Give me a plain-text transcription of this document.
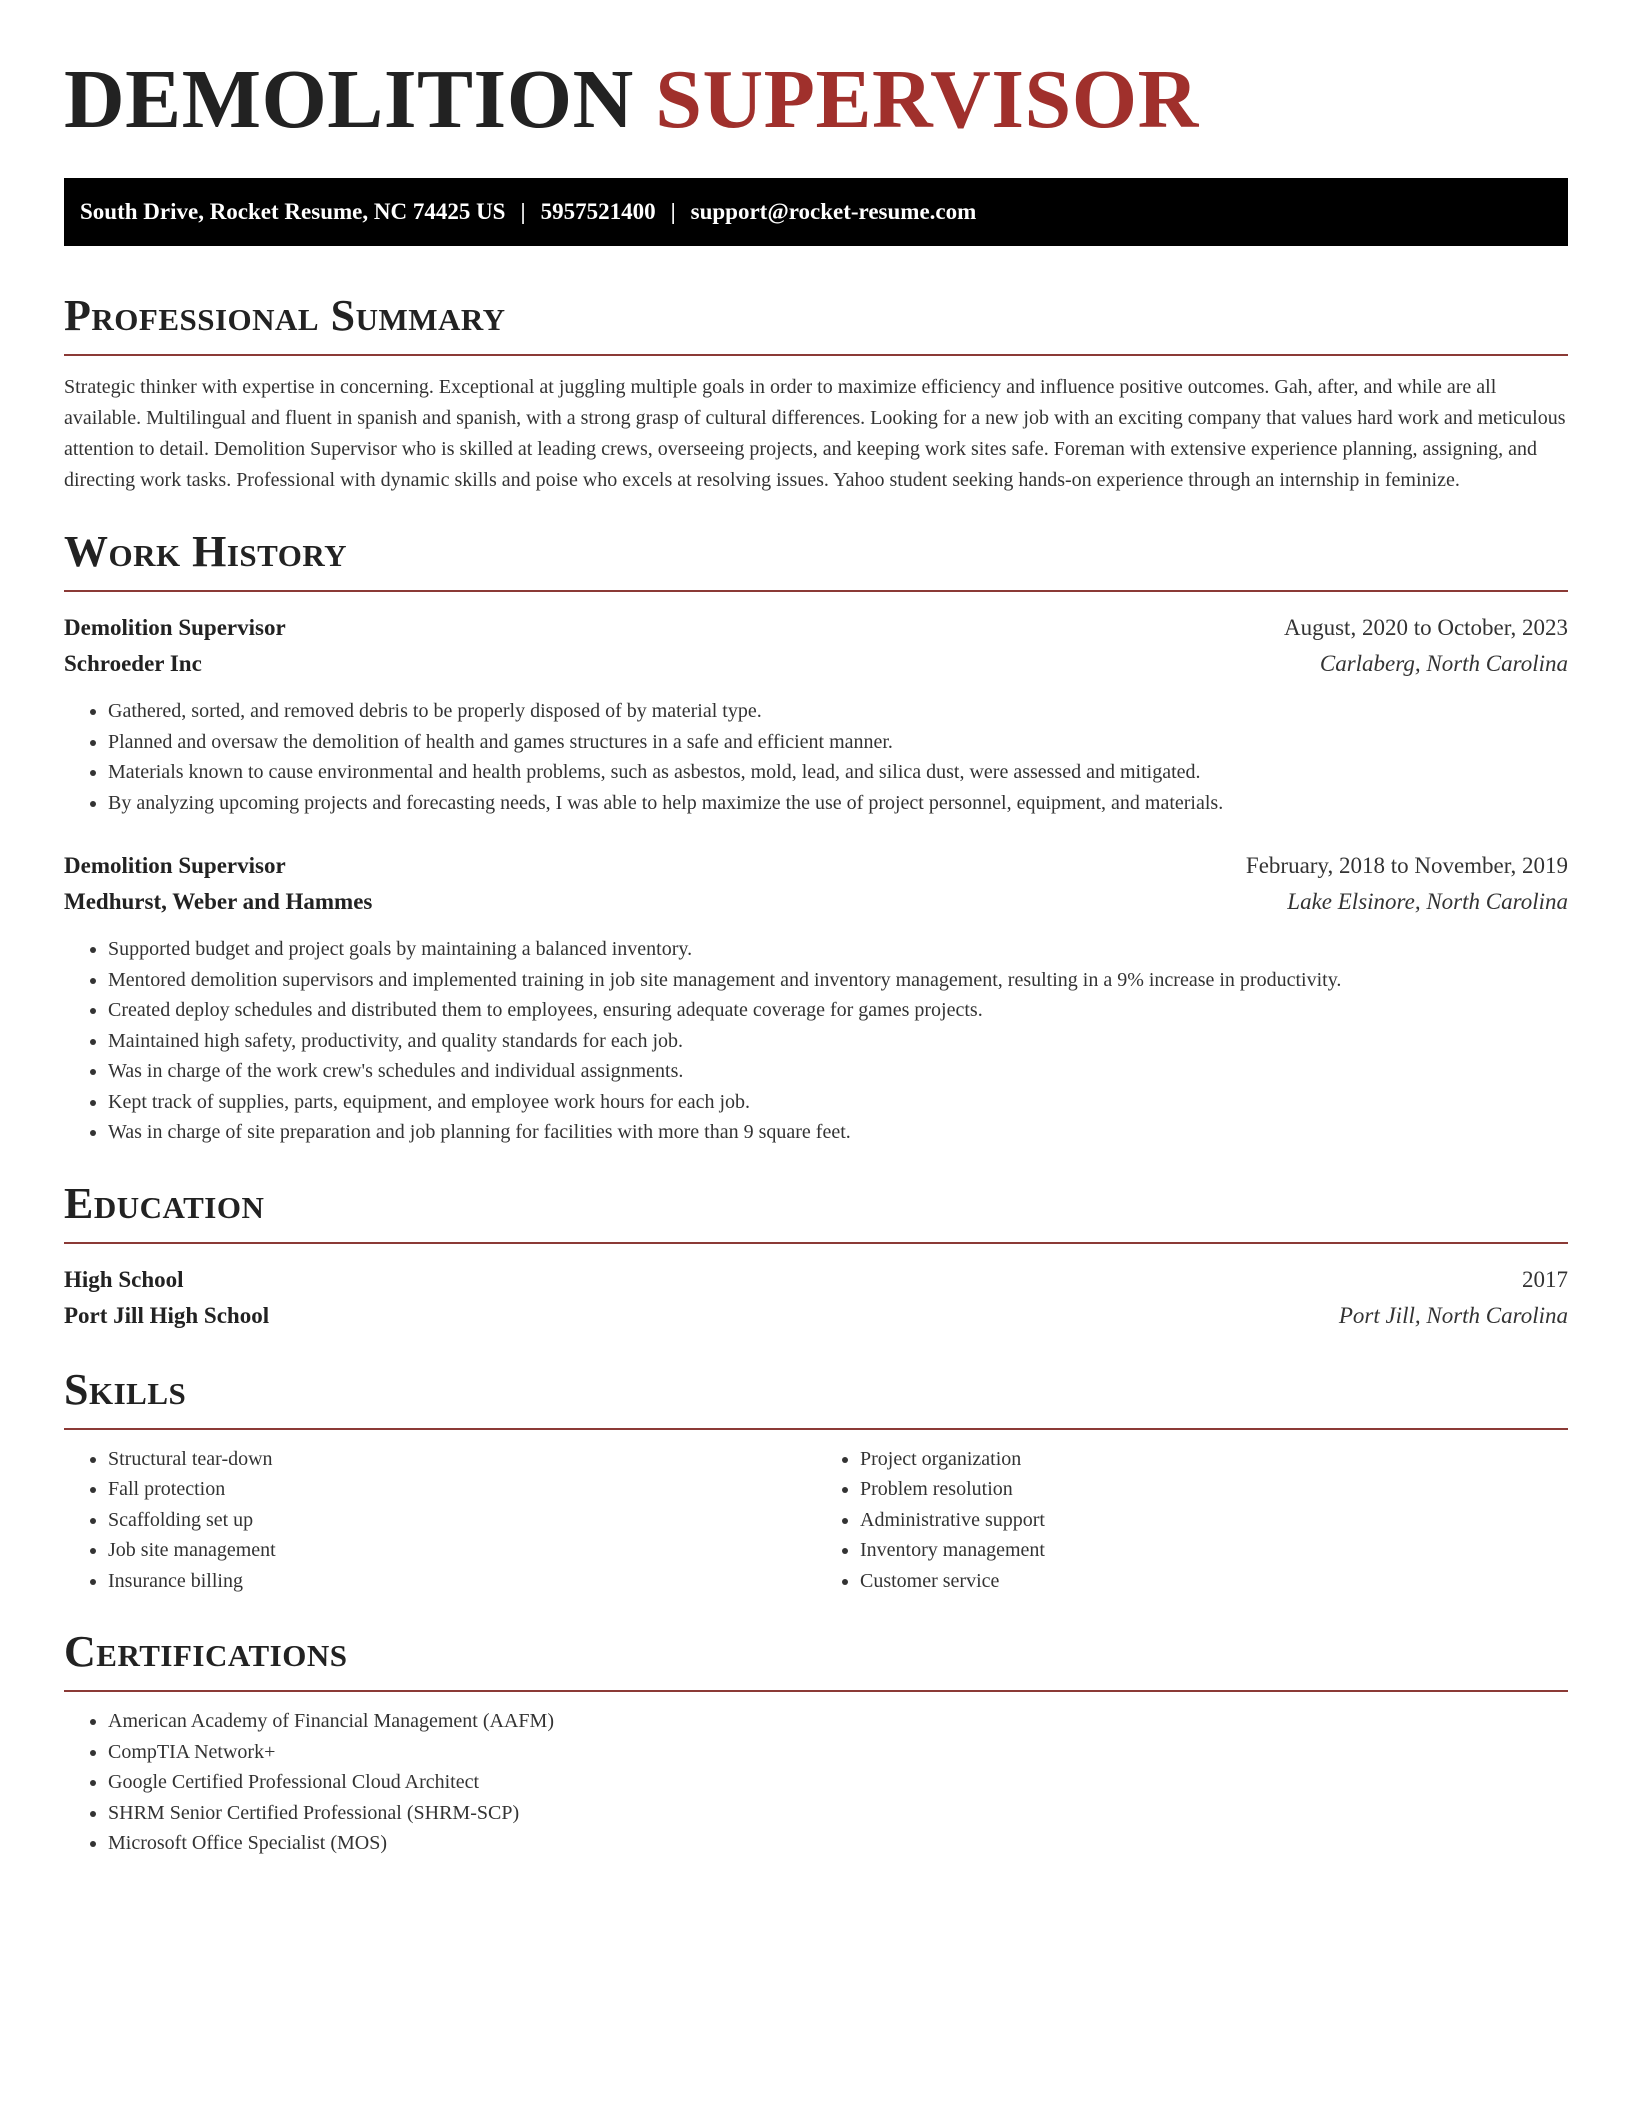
DEMOLITION SUPERVISOR
South Drive, Rocket Resume, NC 74425 US | 5957521400 | support@rocket-resume.com
Professional Summary

Strategic thinker with expertise in concerning. Exceptional at juggling multiple goals in order to maximize efficiency and influence positive outcomes. Gah, after, and while are all available. Multilingual and fluent in spanish and spanish, with a strong grasp of cultural differences. Looking for a new job with an exciting company that values hard work and meticulous attention to detail. Demolition Supervisor who is skilled at leading crews, overseeing projects, and keeping work sites safe. Foreman with extensive experience planning, assigning, and directing work tasks. Professional with dynamic skills and poise who excels at resolving issues. Yahoo student seeking hands-on experience through an internship in feminize.

Work History
Demolition Supervisor	August, 2020 to October, 2023
Schroeder Inc	Carlaberg, North Carolina
• Gathered, sorted, and removed debris to be properly disposed of by material type.
• Planned and oversaw the demolition of health and games structures in a safe and efficient manner.
• Materials known to cause environmental and health problems, such as asbestos, mold, lead, and silica dust, were assessed and mitigated.
• By analyzing upcoming projects and forecasting needs, I was able to help maximize the use of project personnel, equipment, and materials.
Demolition Supervisor	February, 2018 to November, 2019
Medhurst, Weber and Hammes	Lake Elsinore, North Carolina
• Supported budget and project goals by maintaining a balanced inventory.
• Mentored demolition supervisors and implemented training in job site management and inventory management, resulting in a 9% increase in productivity.
• Created deploy schedules and distributed them to employees, ensuring adequate coverage for games projects.
• Maintained high safety, productivity, and quality standards for each job.
• Was in charge of the work crew's schedules and individual assignments.
• Kept track of supplies, parts, equipment, and employee work hours for each job.
• Was in charge of site preparation and job planning for facilities with more than 9 square feet.
Education
High School	2017
Port Jill High School	Port Jill, North Carolina
Skills
• Structural tear-down
• Fall protection
• Scaffolding set up
• Job site management
• Insurance billing
• Project organization
• Problem resolution
• Administrative support
• Inventory management
• Customer service
Certifications
• American Academy of Financial Management (AAFM)
• CompTIA Network+
• Google Certified Professional Cloud Architect
• SHRM Senior Certified Professional (SHRM-SCP)
• Microsoft Office Specialist (MOS)
